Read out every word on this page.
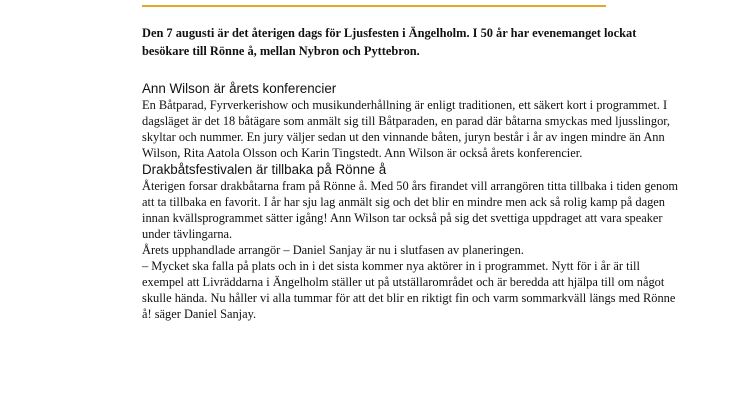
Den 7 augusti är det återigen dags för Ljusfesten i Ängelholm. I 50 år har evenemanget lockat besökare till Rönne å, mellan Nybron och Pyttebron.

Ann Wilson är årets konferencier

En Båtparad, Fyrverkerishow och musikunderhållning är enligt traditionen, ett säkert kort i programmet. I dagsläget är det 18 båtägare som anmält sig till Båtparaden, en parad där båtarna smyckas med ljusslingor, skyltar och nummer. En jury väljer sedan ut den vinnande båten, juryn består i år av ingen mindre än Ann Wilson, Rita Aatola Olsson och Karin Tingstedt. Ann Wilson är också årets konferencier.

Drakbåtsfestivalen är tillbaka på Rönne å

Återigen forsar drakbåtarna fram på Rönne å. Med 50 års firandet vill arrangören titta tillbaka i tiden genom att ta tillbaka en favorit. I år har sju lag anmält sig och det blir en mindre men ack så rolig kamp på dagen innan kvällsprogrammet sätter igång! Ann Wilson tar också på sig det svettiga uppdraget att vara speaker under tävlingarna.

Årets upphandlade arrangör – Daniel Sanjay är nu i slutfasen av planeringen.

– Mycket ska falla på plats och in i det sista kommer nya aktörer in i programmet. Nytt för i år är till exempel att Livräddarna i Ängelholm ställer ut på utställarområdet och är beredda att hjälpa till om något skulle hända. Nu håller vi alla tummar för att det blir en riktigt fin och varm sommarkväll längs med Rönne å! säger Daniel Sanjay.
